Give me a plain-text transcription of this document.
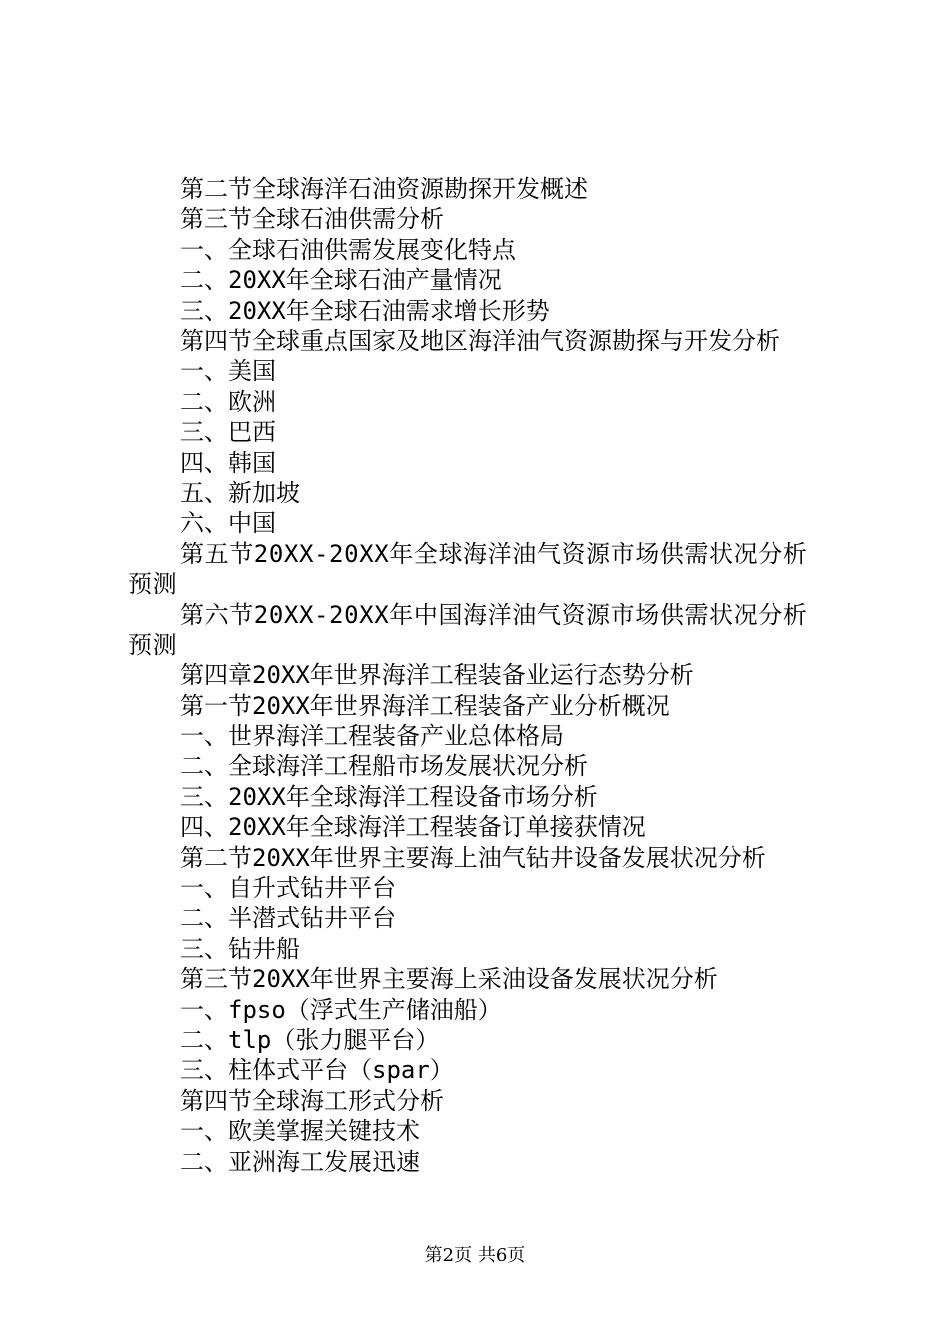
第二节全球海洋石油资源勘探开发概述
第三节全球石油供需分析
一、全球石油供需发展变化特点
二、20XX年全球石油产量情况
三、20XX年全球石油需求增长形势
第四节全球重点国家及地区海洋油气资源勘探与开发分析
一、美国
二、欧洲
三、巴西
四、韩国
五、新加坡
六、中国
第五节20XX-20XX年全球海洋油气资源市场供需状况分析预测
第六节20XX-20XX年中国海洋油气资源市场供需状况分析预测
第四章20XX年世界海洋工程装备业运行态势分析
第一节20XX年世界海洋工程装备产业分析概况
一、世界海洋工程装备产业总体格局
二、全球海洋工程船市场发展状况分析
三、20XX年全球海洋工程设备市场分析
四、20XX年全球海洋工程装备订单接获情况
第二节20XX年世界主要海上油气钻井设备发展状况分析
一、自升式钻井平台
二、半潜式钻井平台
三、钻井船
第三节20XX年世界主要海上采油设备发展状况分析
一、fpso（浮式生产储油船）
二、tlp（张力腿平台）
三、柱体式平台（spar）
第四节全球海工形式分析
一、欧美掌握关键技术
二、亚洲海工发展迅速
第2页 共6页
